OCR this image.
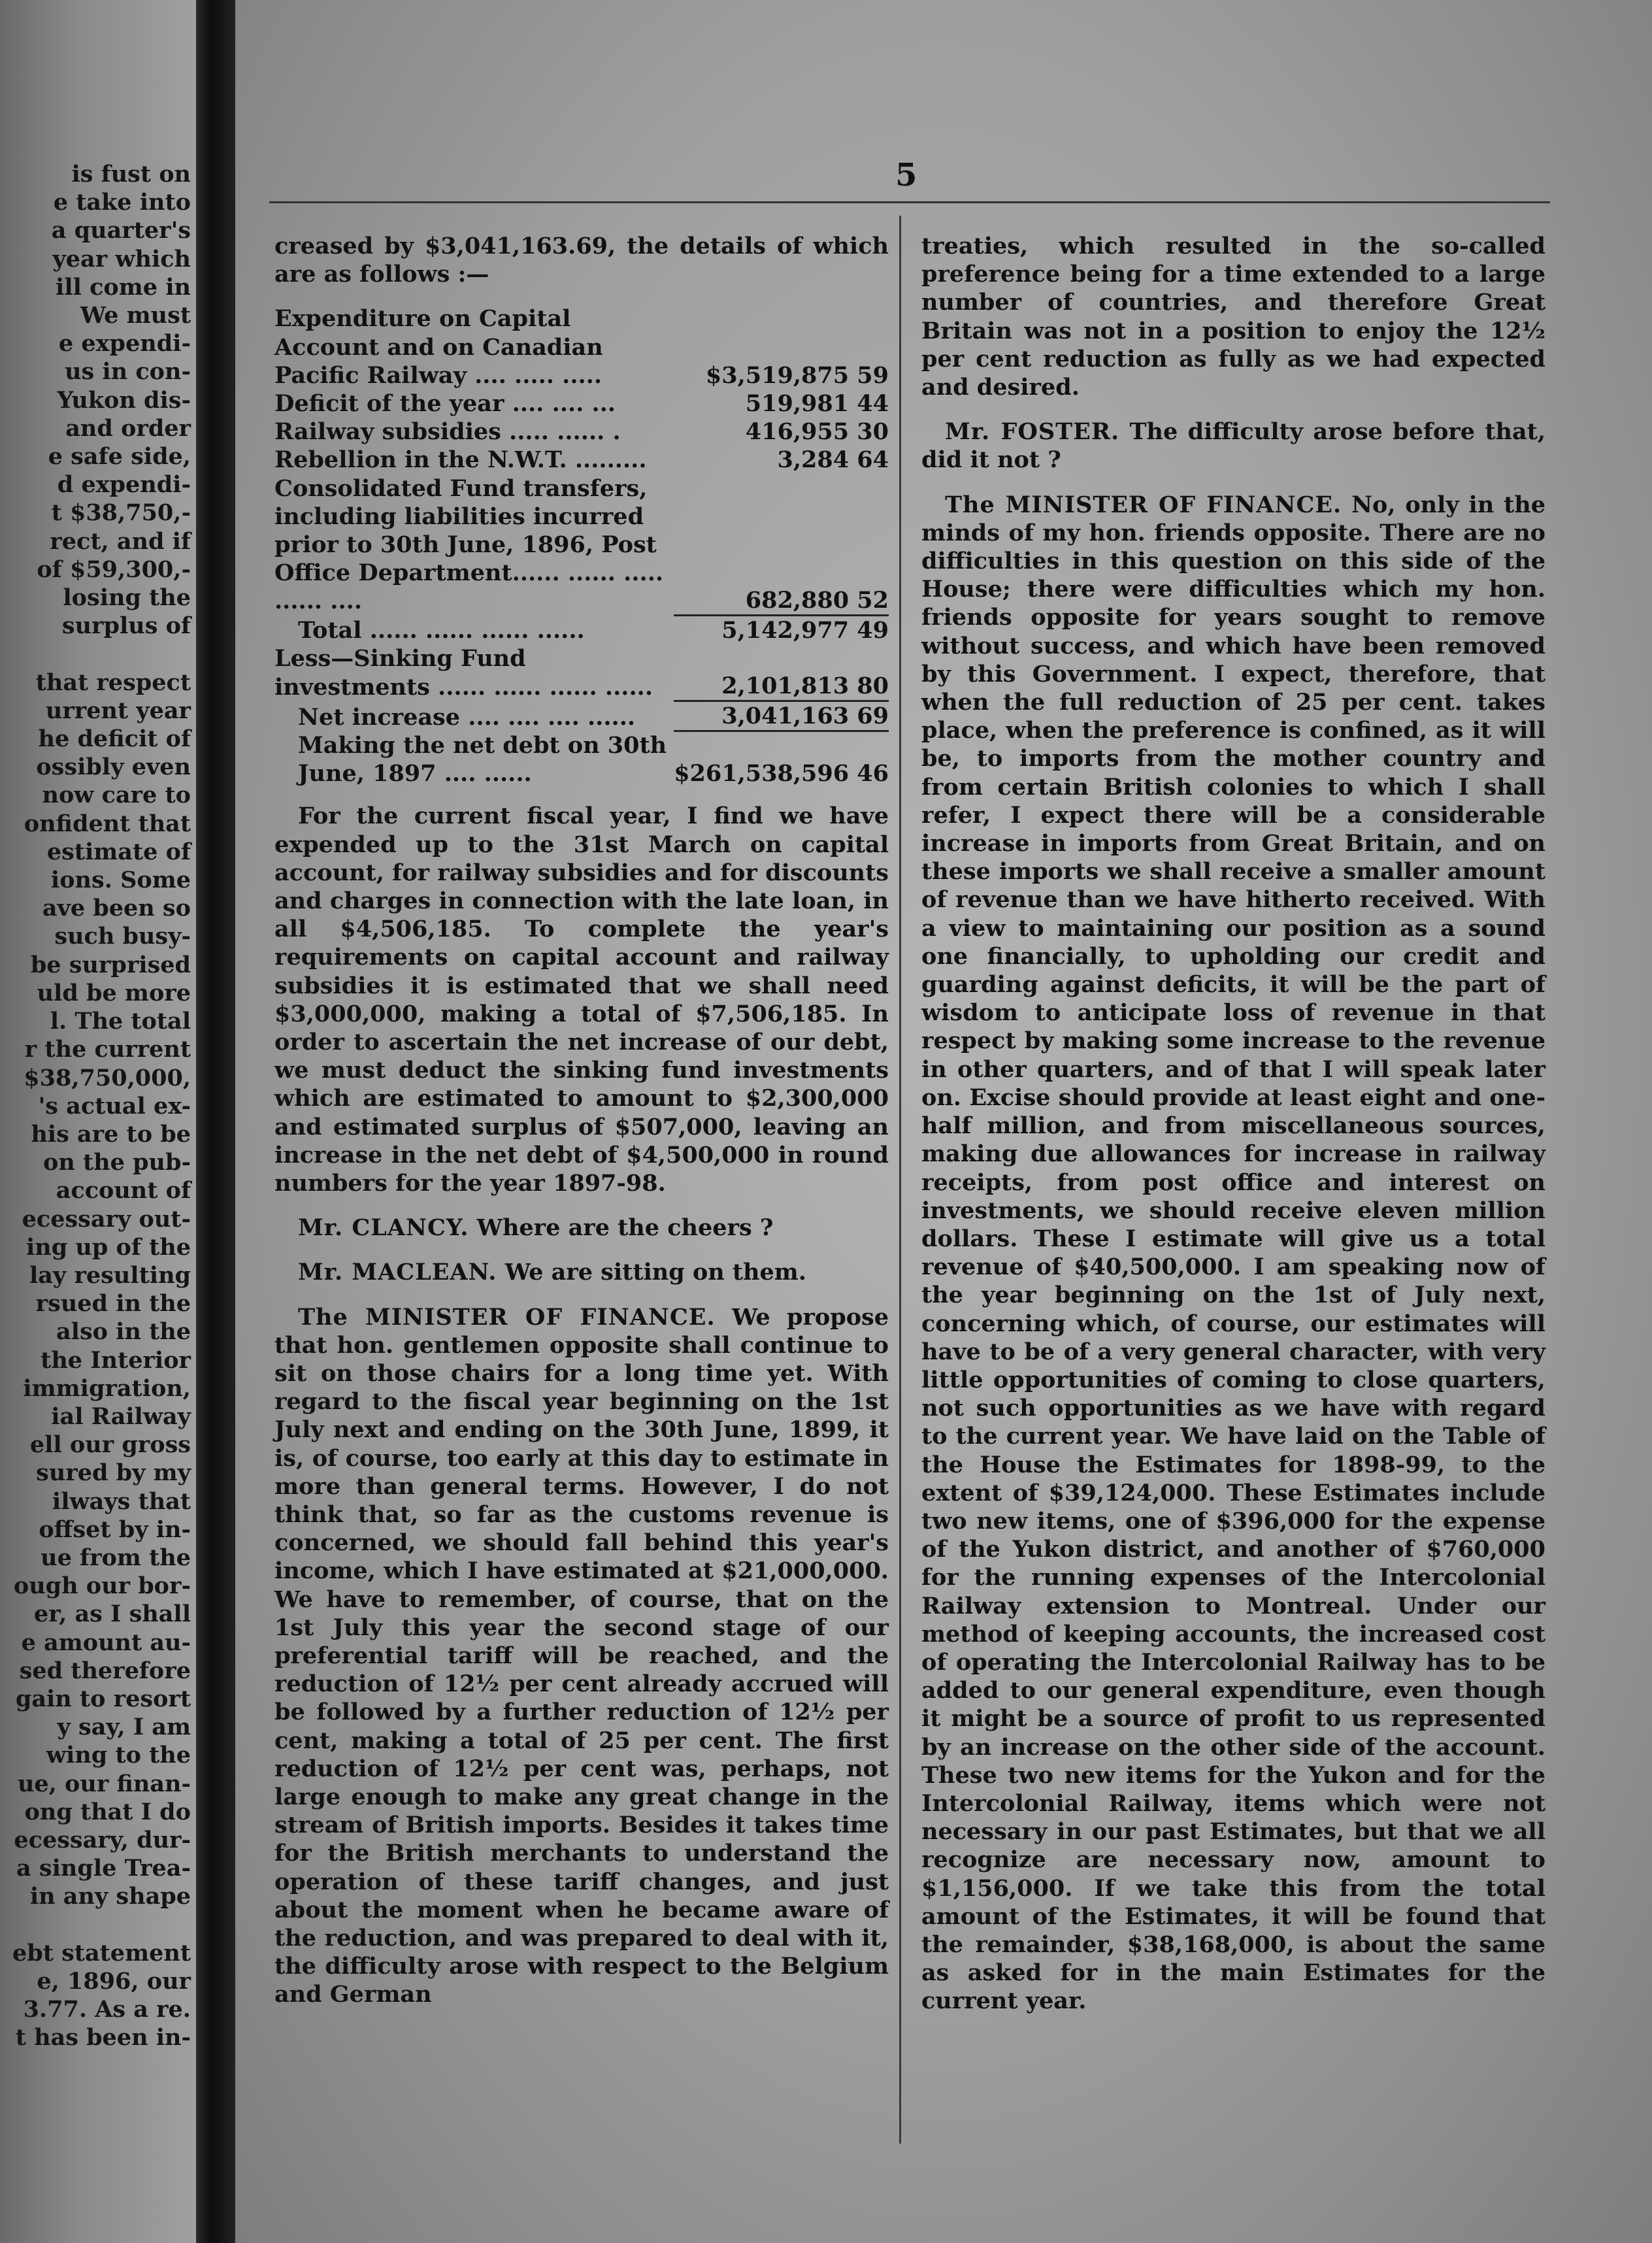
is fust on
e take into
a quarter's
year which
ill come in
We must
e expendi-
us in con-
Yukon dis-
and order
e safe side,
d expendi-
t $38,750,-
rect, and if
of $59,300,-
losing the
surplus of

that respect
urrent year
he deficit of
ossibly even
now care to
onfident that
estimate of
ions. Some
ave been so
such busy-
be surprised
uld be more
l. The total
r the current
$38,750,000,
's actual ex-
his are to be
on the pub-
account of
ecessary out-
ing up of the
lay resulting
rsued in the
also in the
the Interior
immigration,
ial Railway
ell our gross
sured by my
ilways that
offset by in-
ue from the
ough our bor-
er, as I shall
e amount au-
sed therefore
gain to resort
y say, I am
wing to the
ue, our finan-
ong that I do
ecessary, dur-
a single Trea-
in any shape

ebt statement
e, 1896, our
3.77. As a re.
t has been in-
5

creased by $3,041,163.69, the details of which are as follows :—

Expenditure on Capital Account and on Canadian Pacific Railway .... ..... .....	$3,519,875 59
Deficit of the year .... .... ...	519,981 44
Railway subsidies ..... ...... .	416,955 30
Rebellion in the N.W.T. .........	3,284 64
Consolidated Fund transfers, including liabilities incurred prior to 30th June, 1896, Post Office Department...... ...... ..... ...... ....	682,880 52
Total ...... ...... ...... ......	5,142,977 49
Less—Sinking Fund investments ...... ...... ...... ......	2,101,813 80
Net increase .... .... .... ......	3,041,163 69
Making the net debt on 30th June, 1897 .... ......	$261,538,596 46

For the current fiscal year, I find we have expended up to the 31st March on capital account, for railway subsidies and for discounts and charges in connection with the late loan, in all $4,506,185. To complete the year's requirements on capital account and railway subsidies it is estimated that we shall need $3,000,000, making a total of $7,506,185. In order to ascertain the net increase of our debt, we must deduct the sinking fund investments which are estimated to amount to $2,300,000 and estimated surplus of $507,000, leaving an increase in the net debt of $4,500,000 in round numbers for the year 1897-98.

Mr. CLANCY. Where are the cheers ?

Mr. MACLEAN. We are sitting on them.

The MINISTER OF FINANCE. We propose that hon. gentlemen opposite shall continue to sit on those chairs for a long time yet. With regard to the fiscal year beginning on the 1st July next and ending on the 30th June, 1899, it is, of course, too early at this day to estimate in more than general terms. However, I do not think that, so far as the customs revenue is concerned, we should fall behind this year's income, which I have estimated at $21,000,000. We have to remember, of course, that on the 1st July this year the second stage of our preferential tariff will be reached, and the reduction of 12½ per cent already accrued will be followed by a further reduction of 12½ per cent, making a total of 25 per cent. The first reduction of 12½ per cent was, perhaps, not large enough to make any great change in the stream of British imports. Besides it takes time for the British merchants to understand the operation of these tariff changes, and just about the moment when he became aware of the reduction, and was prepared to deal with it, the difficulty arose with respect to the Belgium and German

treaties, which resulted in the so-called preference being for a time extended to a large number of countries, and therefore Great Britain was not in a position to enjoy the 12½ per cent reduction as fully as we had expected and desired.

Mr. FOSTER. The difficulty arose before that, did it not ?

The MINISTER OF FINANCE. No, only in the minds of my hon. friends opposite. There are no difficulties in this question on this side of the House; there were difficulties which my hon. friends opposite for years sought to remove without success, and which have been removed by this Government. I expect, therefore, that when the full reduction of 25 per cent. takes place, when the preference is confined, as it will be, to imports from the mother country and from certain British colonies to which I shall refer, I expect there will be a considerable increase in imports from Great Britain, and on these imports we shall receive a smaller amount of revenue than we have hitherto received. With a view to maintaining our position as a sound one financially, to upholding our credit and guarding against deficits, it will be the part of wisdom to anticipate loss of revenue in that respect by making some increase to the revenue in other quarters, and of that I will speak later on. Excise should provide at least eight and one-half million, and from miscellaneous sources, making due allowances for increase in railway receipts, from post office and interest on investments, we should receive eleven million dollars. These I estimate will give us a total revenue of $40,500,000. I am speaking now of the year beginning on the 1st of July next, concerning which, of course, our estimates will have to be of a very general character, with very little opportunities of coming to close quarters, not such opportunities as we have with regard to the current year. We have laid on the Table of the House the Estimates for 1898-99, to the extent of $39,124,000. These Estimates include two new items, one of $396,000 for the expense of the Yukon district, and another of $760,000 for the running expenses of the Intercolonial Railway extension to Montreal. Under our method of keeping accounts, the increased cost of operating the Intercolonial Railway has to be added to our general expenditure, even though it might be a source of profit to us represented by an increase on the other side of the account. These two new items for the Yukon and for the Intercolonial Railway, items which were not necessary in our past Estimates, but that we all recognize are necessary now, amount to $1,156,000. If we take this from the total amount of the Estimates, it will be found that the remainder, $38,168,000, is about the same as asked for in the main Estimates for the current year.
